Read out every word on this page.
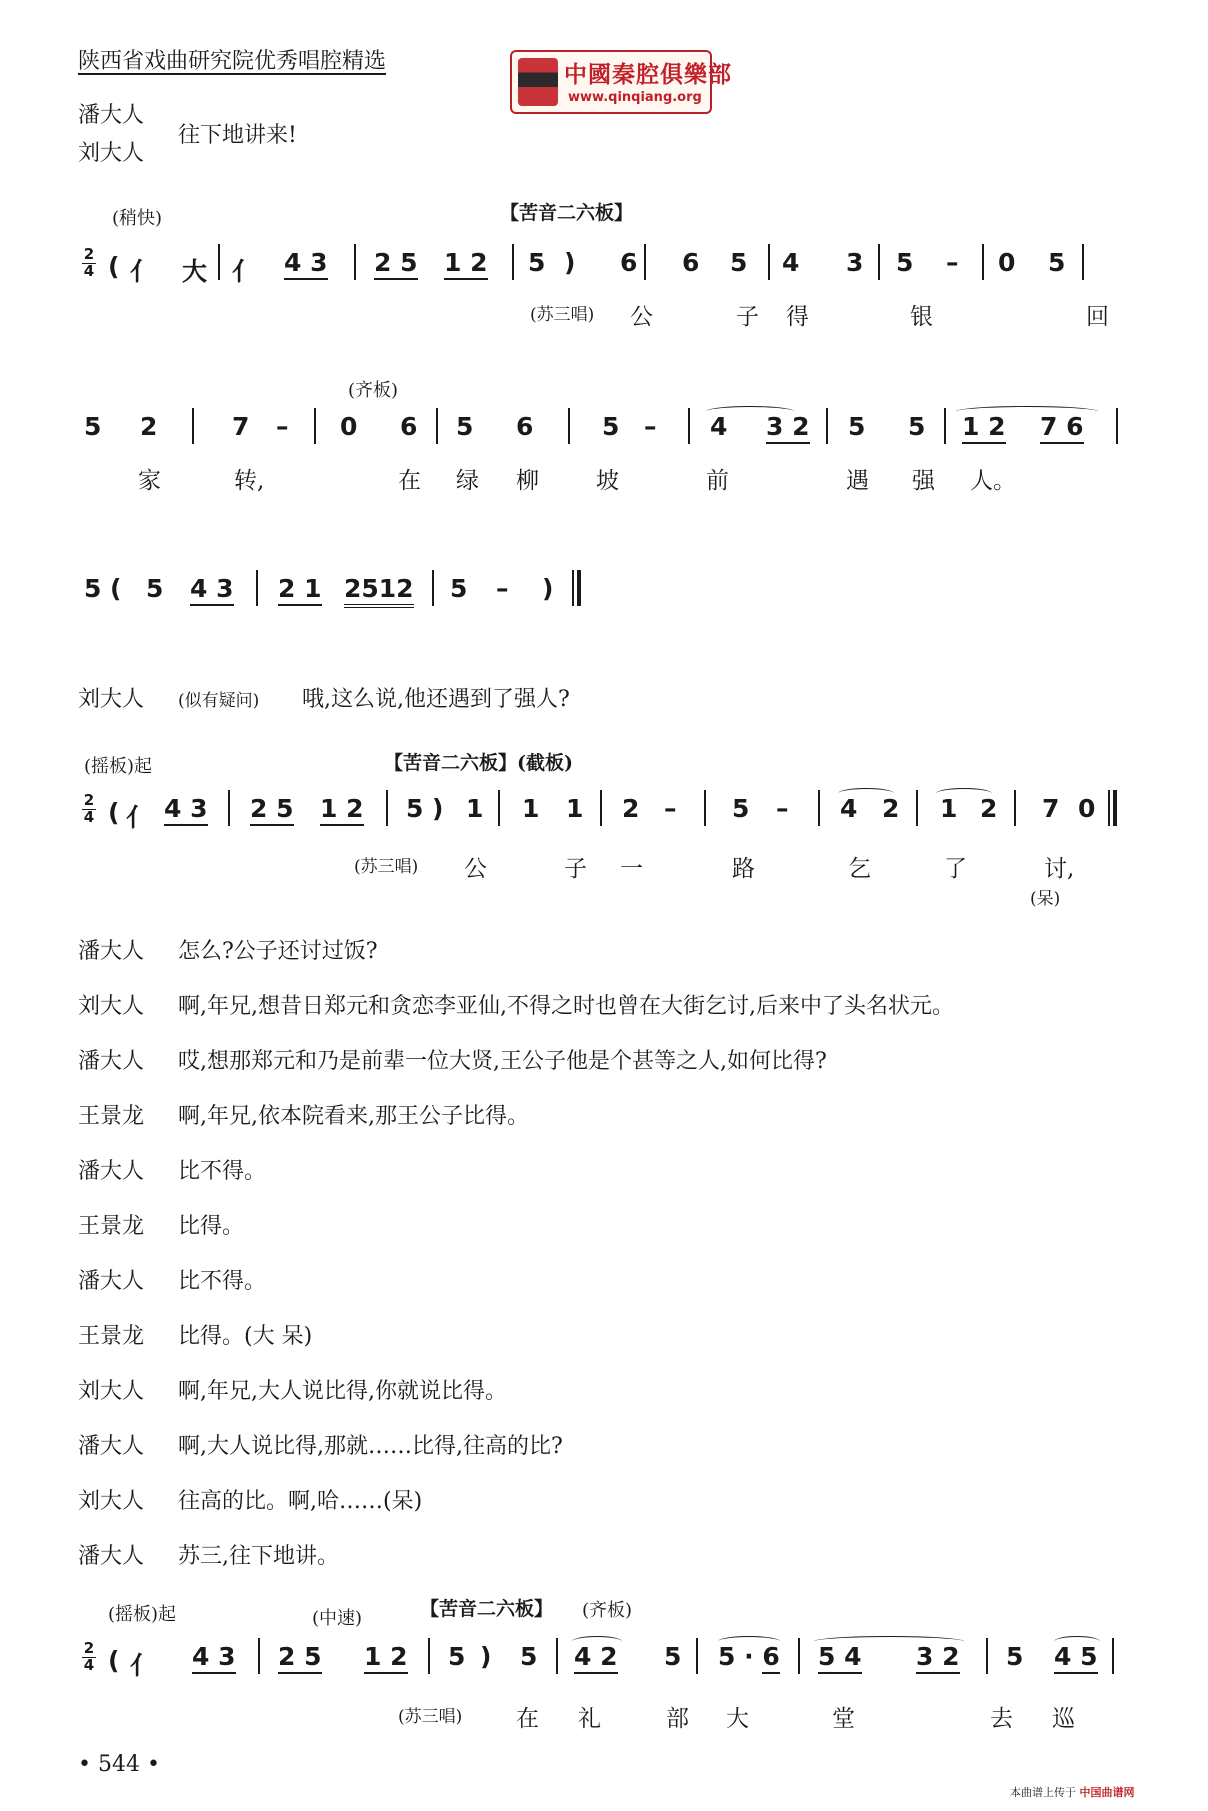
陕西省戏曲研究院优秀唱腔精选
中國秦腔俱樂部
www.qinqiang.org
潘大人
刘大人
往下地讲来!
(稍快)	【苦音二六板】
2
4 ( 亻 大 亻 4 3 2 5 1 2 5 ) 6 6 5 4 3 5 – 0 5
(苏三唱) 公	子 得	银	回
(齐板)
5 2	7 – 0 6 5 6	5 – 4 3 2 5 5 1 2 7 6
家	转,	在 绿 柳 坡	前	遇 强 人。
5 ( 5 4 3 2 1 2512 5 – )
刘大人 (似有疑问) 哦,这么说,他还遇到了强人?
(摇板)起	【苦音二六板】(截板)
2
4 ( 亻 4 3 2 5 1 2 5 ) 1 1 1 2 – 5 – 4 2 1 2 7 0
(苏三唱) 公	子 一	路	乞	了	讨,
(呆)
潘大人 怎么?公子还讨过饭?
刘大人 啊,年兄,想昔日郑元和贪恋李亚仙,不得之时也曾在大街乞讨,后来中了头名状元。
潘大人 哎,想那郑元和乃是前辈一位大贤,王公子他是个甚等之人,如何比得?
王景龙 啊,年兄,依本院看来,那王公子比得。
潘大人 比不得。
王景龙 比得。
潘大人 比不得。
王景龙 比得。(大 呆)
刘大人 啊,年兄,大人说比得,你就说比得。
潘大人 啊,大人说比得,那就……比得,往高的比?
刘大人 往高的比。啊,哈……(呆)
潘大人 苏三,往下地讲。
(摇板)起	(中速)	【苦音二六板】 (齐板)
2
4 ( 亻 4 3 2 5 1 2 5 ) 5 4 2 5 5 · 6 5 4 3 2 5 4 5
(苏三唱) 在 礼	部 大	堂	去 巡
• 544 •
本曲谱上传于 中国曲谱网
